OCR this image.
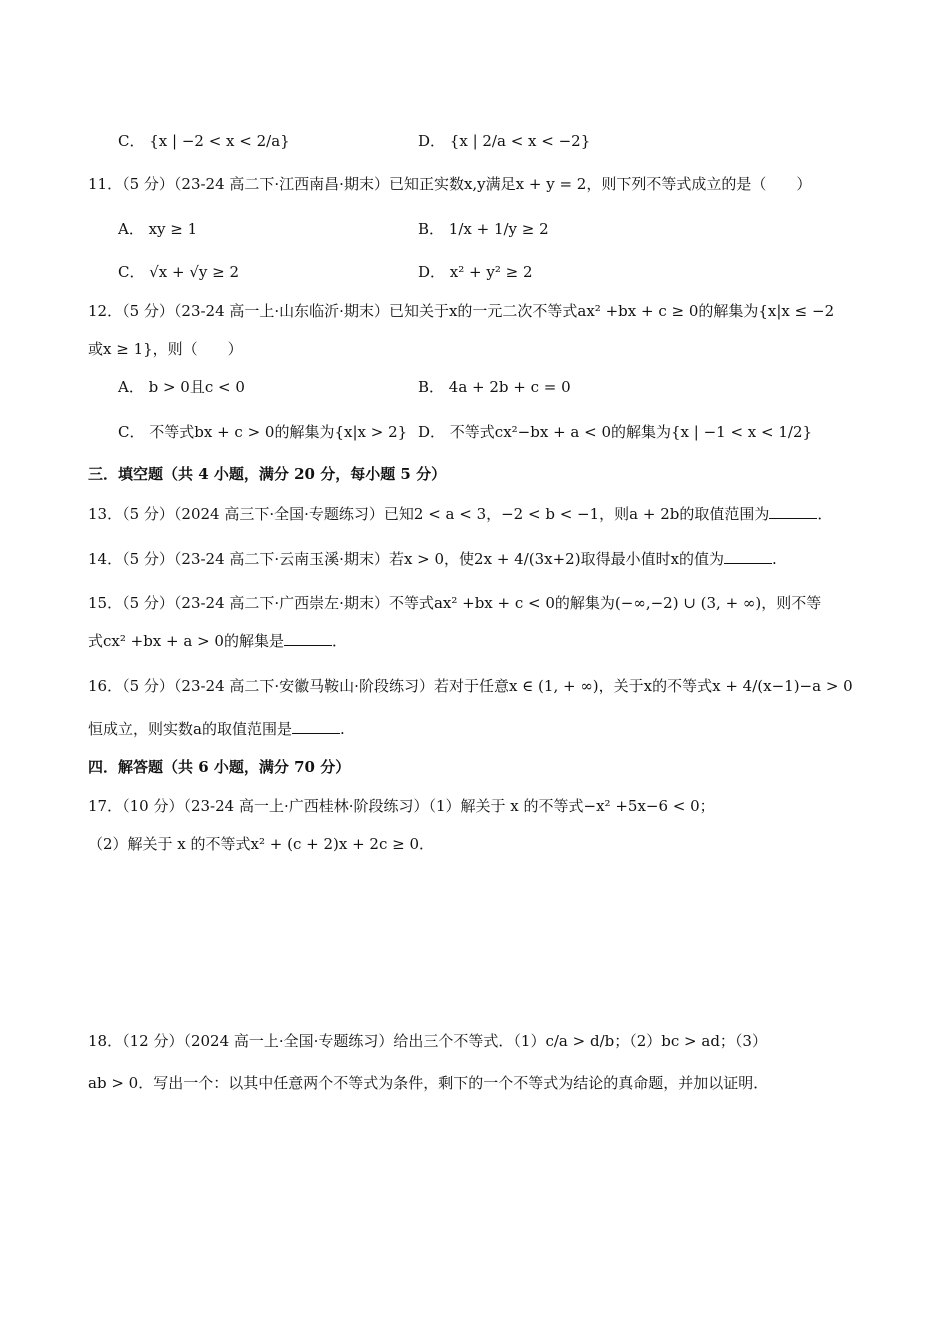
C． {x | −2 < x < 2/a}	D． {x | 2/a < x < −2}
11．（5 分）（23-24 高二下·江西南昌·期末）已知正实数x,y满足x + y = 2，则下列不等式成立的是（　　）
A． xy ≥ 1	B． 1/x + 1/y ≥ 2
C． √x + √y ≥ 2	D． x² + y² ≥ 2
12．（5 分）（23-24 高一上·山东临沂·期末）已知关于x的一元二次不等式ax² +bx + c ≥ 0的解集为{x|x ≤ −2
或x ≥ 1}，则（　　）
A． b > 0且c < 0	B． 4a + 2b + c = 0
C． 不等式bx + c > 0的解集为{x|x > 2} D． 不等式cx²−bx + a < 0的解集为{x | −1 < x < 1/2}
三．填空题（共 4 小题，满分 20 分，每小题 5 分）
13．（5 分）（2024 高三下·全国·专题练习）已知2 < a < 3，−2 < b < −1，则a + 2b的取值范围为	．
14．（5 分）（23-24 高二下·云南玉溪·期末）若x > 0，使2x + 4/(3x+2)取得最小值时x的值为	.
15．（5 分）（23-24 高二下·广西崇左·期末）不等式ax² +bx + c < 0的解集为(−∞,−2) ∪ (3, + ∞)，则不等
式cx² +bx + a > 0的解集是	．
16．（5 分）（23-24 高二下·安徽马鞍山·阶段练习）若对于任意x ∈ (1, + ∞)，关于x的不等式x + 4/(x−1)−a > 0
恒成立，则实数a的取值范围是	.
四．解答题（共 6 小题，满分 70 分）
17．（10 分）（23-24 高一上·广西桂林·阶段练习）（1）解关于 x 的不等式−x² +5x−6 < 0；
（2）解关于 x 的不等式x² + (c + 2)x + 2c ≥ 0．
18．（12 分）（2024 高一上·全国·专题练习）给出三个不等式．（1）c/a > d/b；（2）bc > ad；（3）
ab > 0．写出一个：以其中任意两个不等式为条件，剩下的一个不等式为结论的真命题，并加以证明．
